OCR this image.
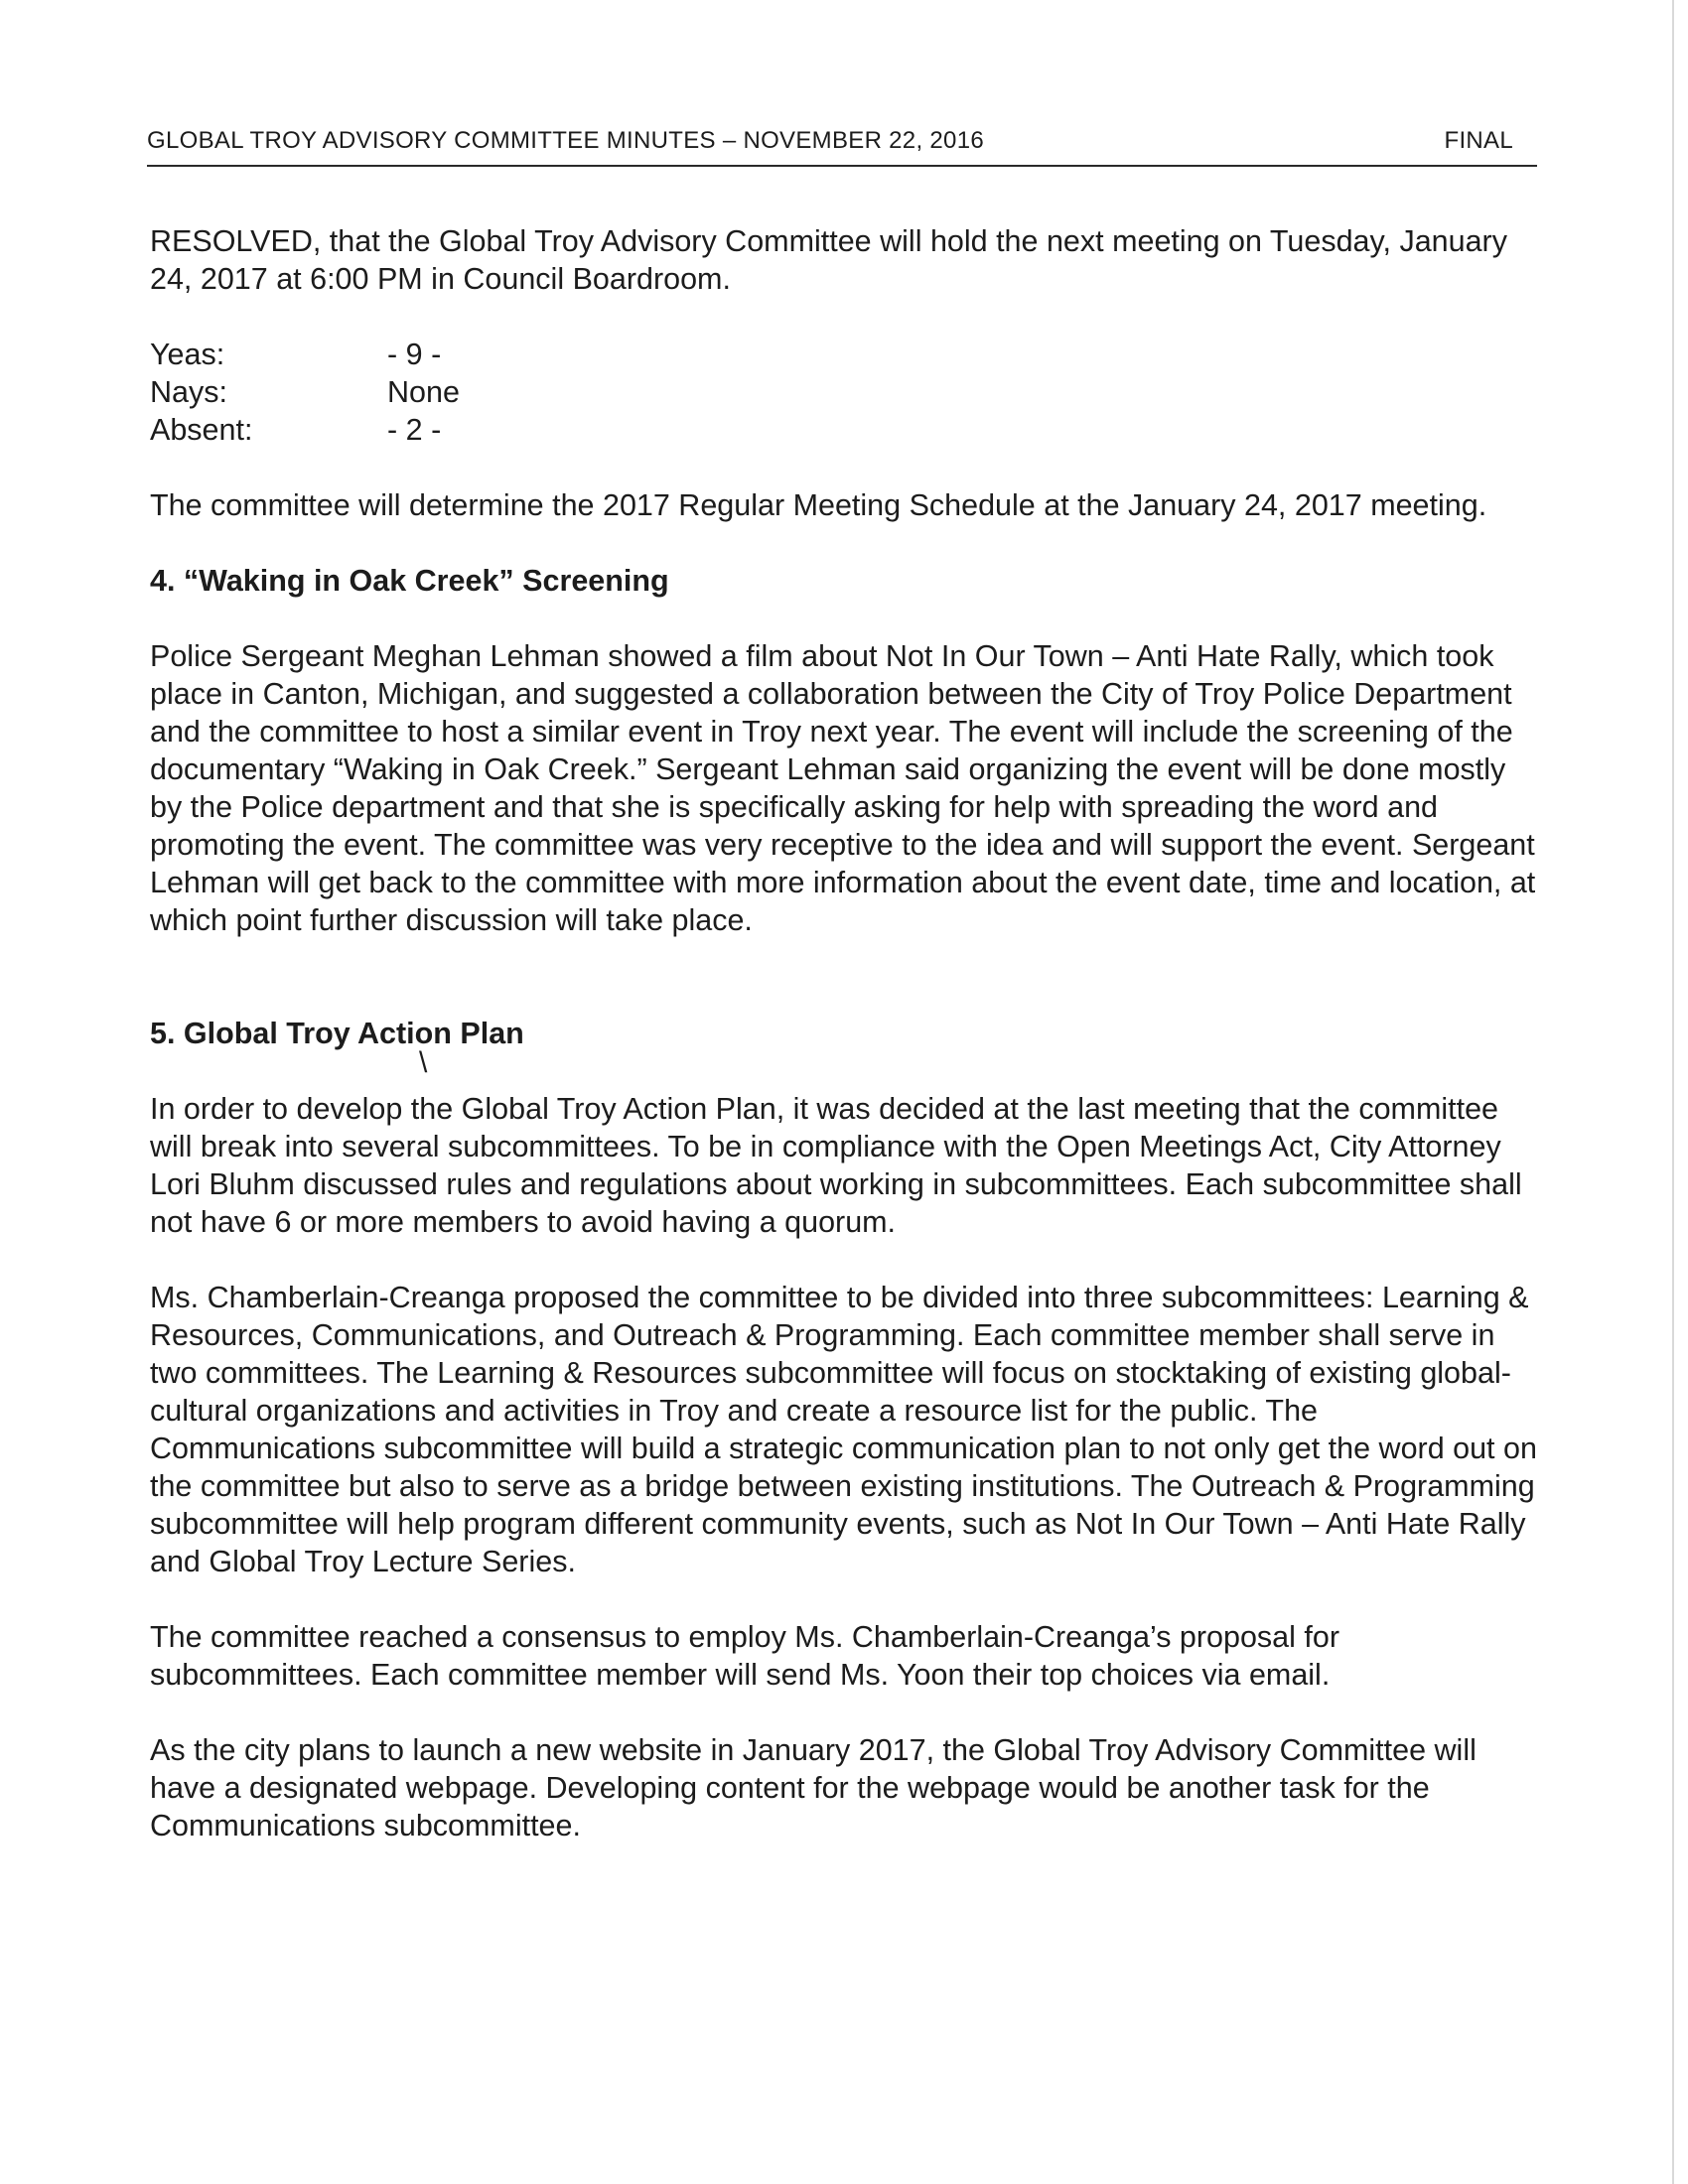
GLOBAL TROY ADVISORY COMMITTEE MINUTES – NOVEMBER 22, 2016	FINAL

RESOLVED, that the Global Troy Advisory Committee will hold the next meeting on Tuesday, January 24, 2017 at 6:00 PM in Council Boardroom.

Yeas:	- 9 -
Nays:	None
Absent:	- 2 -

The committee will determine the 2017 Regular Meeting Schedule at the January 24, 2017 meeting.

4. “Waking in Oak Creek” Screening

Police Sergeant Meghan Lehman showed a film about Not In Our Town – Anti Hate Rally, which took place in Canton, Michigan, and suggested a collaboration between the City of Troy Police Department and the committee to host a similar event in Troy next year. The event will include the screening of the documentary “Waking in Oak Creek.” Sergeant Lehman said organizing the event will be done mostly by the Police department and that she is specifically asking for help with spreading the word and promoting the event. The committee was very receptive to the idea and will support the event. Sergeant Lehman will get back to the committee with more information about the event date, time and location, at which point further discussion will take place.

5. Global Troy Action Plan

In order to develop the Global Troy Action Plan, it was decided at the last meeting that the committee will break into several subcommittees. To be in compliance with the Open Meetings Act, City Attorney Lori Bluhm discussed rules and regulations about working in subcommittees. Each subcommittee shall not have 6 or more members to avoid having a quorum.

Ms. Chamberlain-Creanga proposed the committee to be divided into three subcommittees: Learning & Resources, Communications, and Outreach & Programming. Each committee member shall serve in two committees. The Learning & Resources subcommittee will focus on stocktaking of existing global-cultural organizations and activities in Troy and create a resource list for the public. The Communications subcommittee will build a strategic communication plan to not only get the word out on the committee but also to serve as a bridge between existing institutions. The Outreach & Programming subcommittee will help program different community events, such as Not In Our Town – Anti Hate Rally and Global Troy Lecture Series.

The committee reached a consensus to employ Ms. Chamberlain-Creanga’s proposal for subcommittees. Each committee member will send Ms. Yoon their top choices via email.

As the city plans to launch a new website in January 2017, the Global Troy Advisory Committee will have a designated webpage. Developing content for the webpage would be another task for the Communications subcommittee.

\
